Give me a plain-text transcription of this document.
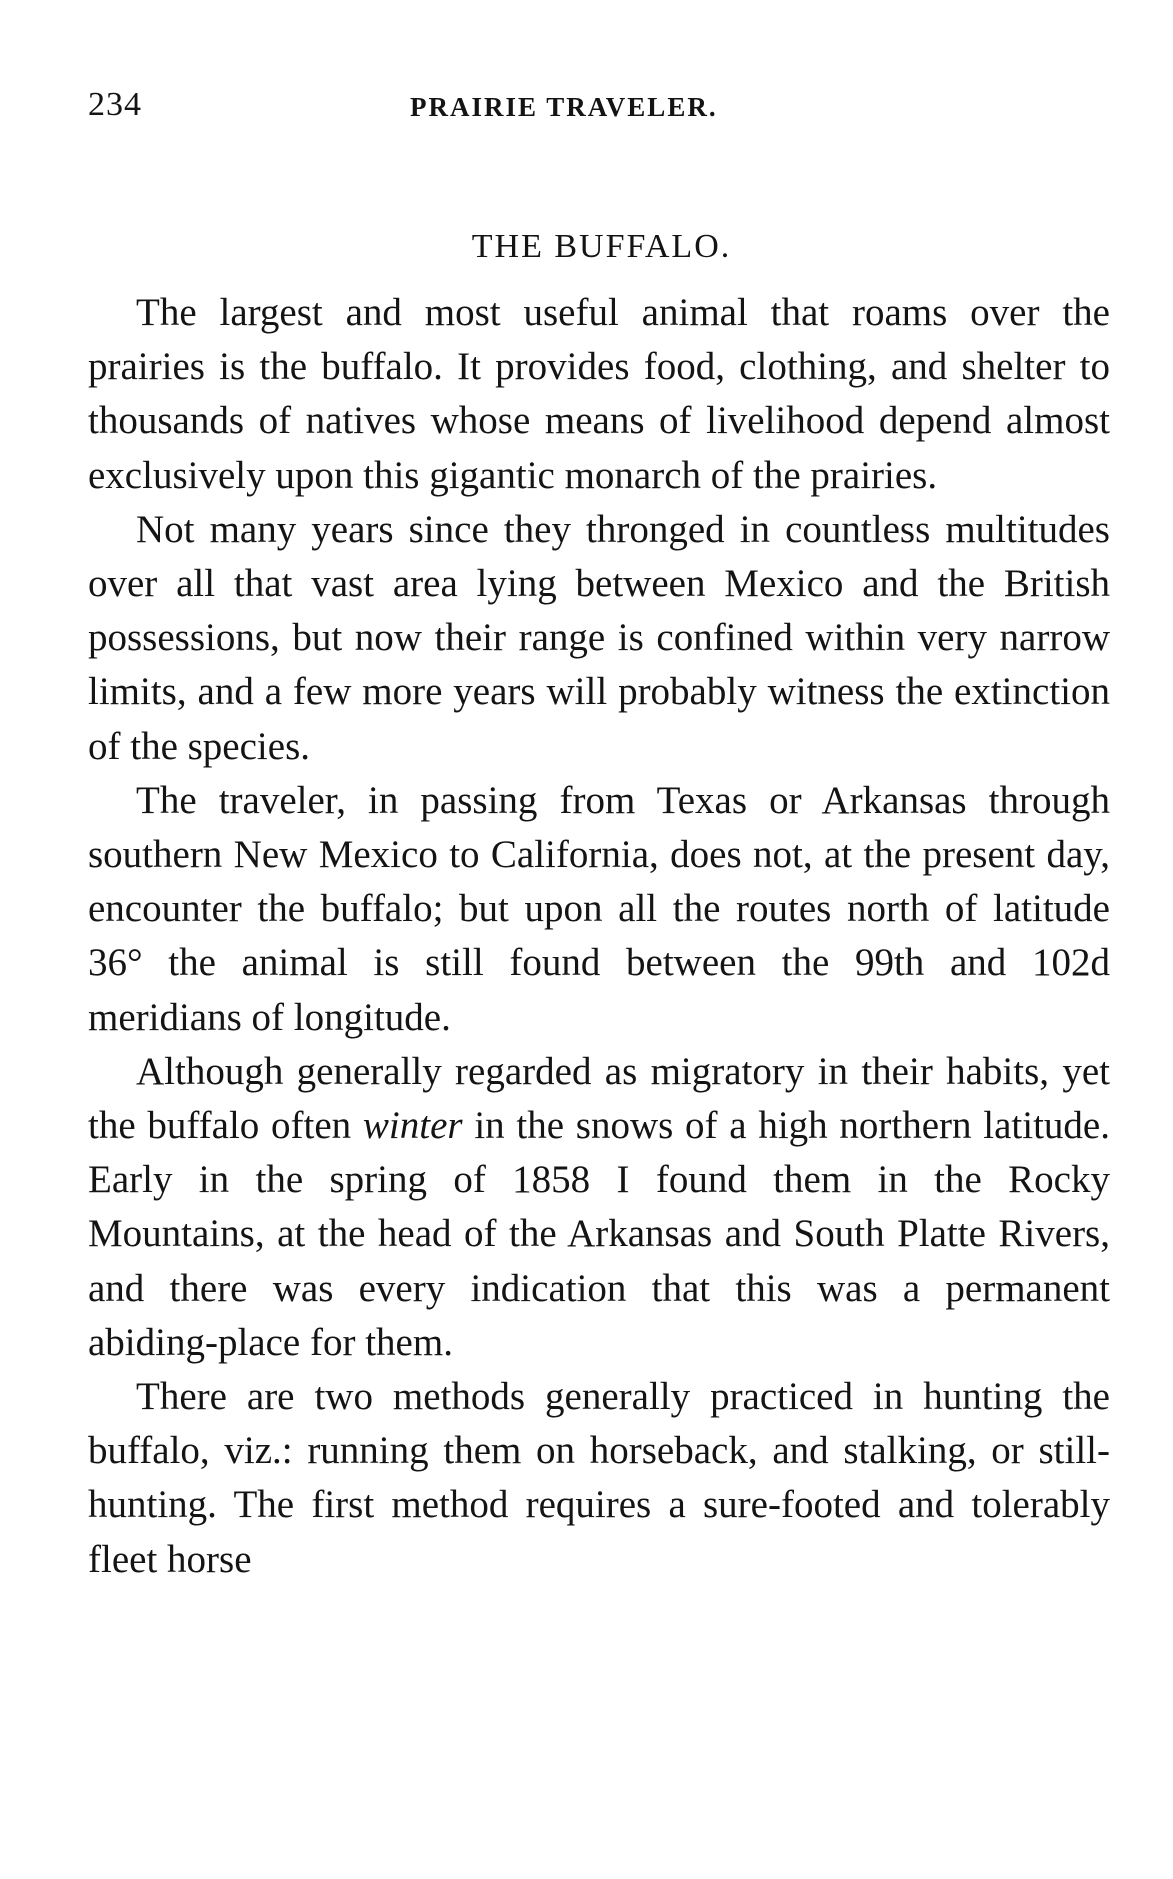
234	PRAIRIE TRAVELER.
THE BUFFALO.

The largest and most useful animal that roams over the prairies is the buffalo. It provides food, clothing, and shelter to thousands of natives whose means of livelihood depend almost exclusively upon this gigantic monarch of the prairies.

Not many years since they thronged in countless multitudes over all that vast area lying between Mexico and the British possessions, but now their range is confined within very narrow limits, and a few more years will probably witness the extinction of the species.

The traveler, in passing from Texas or Arkansas through southern New Mexico to California, does not, at the present day, encounter the buffalo; but upon all the routes north of latitude 36° the animal is still found between the 99th and 102d meridians of longitude.

Although generally regarded as migratory in their habits, yet the buffalo often winter in the snows of a high northern latitude. Early in the spring of 1858 I found them in the Rocky Mountains, at the head of the Arkansas and South Platte Rivers, and there was every indication that this was a permanent abiding-place for them.

There are two methods generally practiced in hunting the buffalo, viz.: running them on horseback, and stalking, or still-hunting. The first method requires a sure-footed and tolerably fleet horse
